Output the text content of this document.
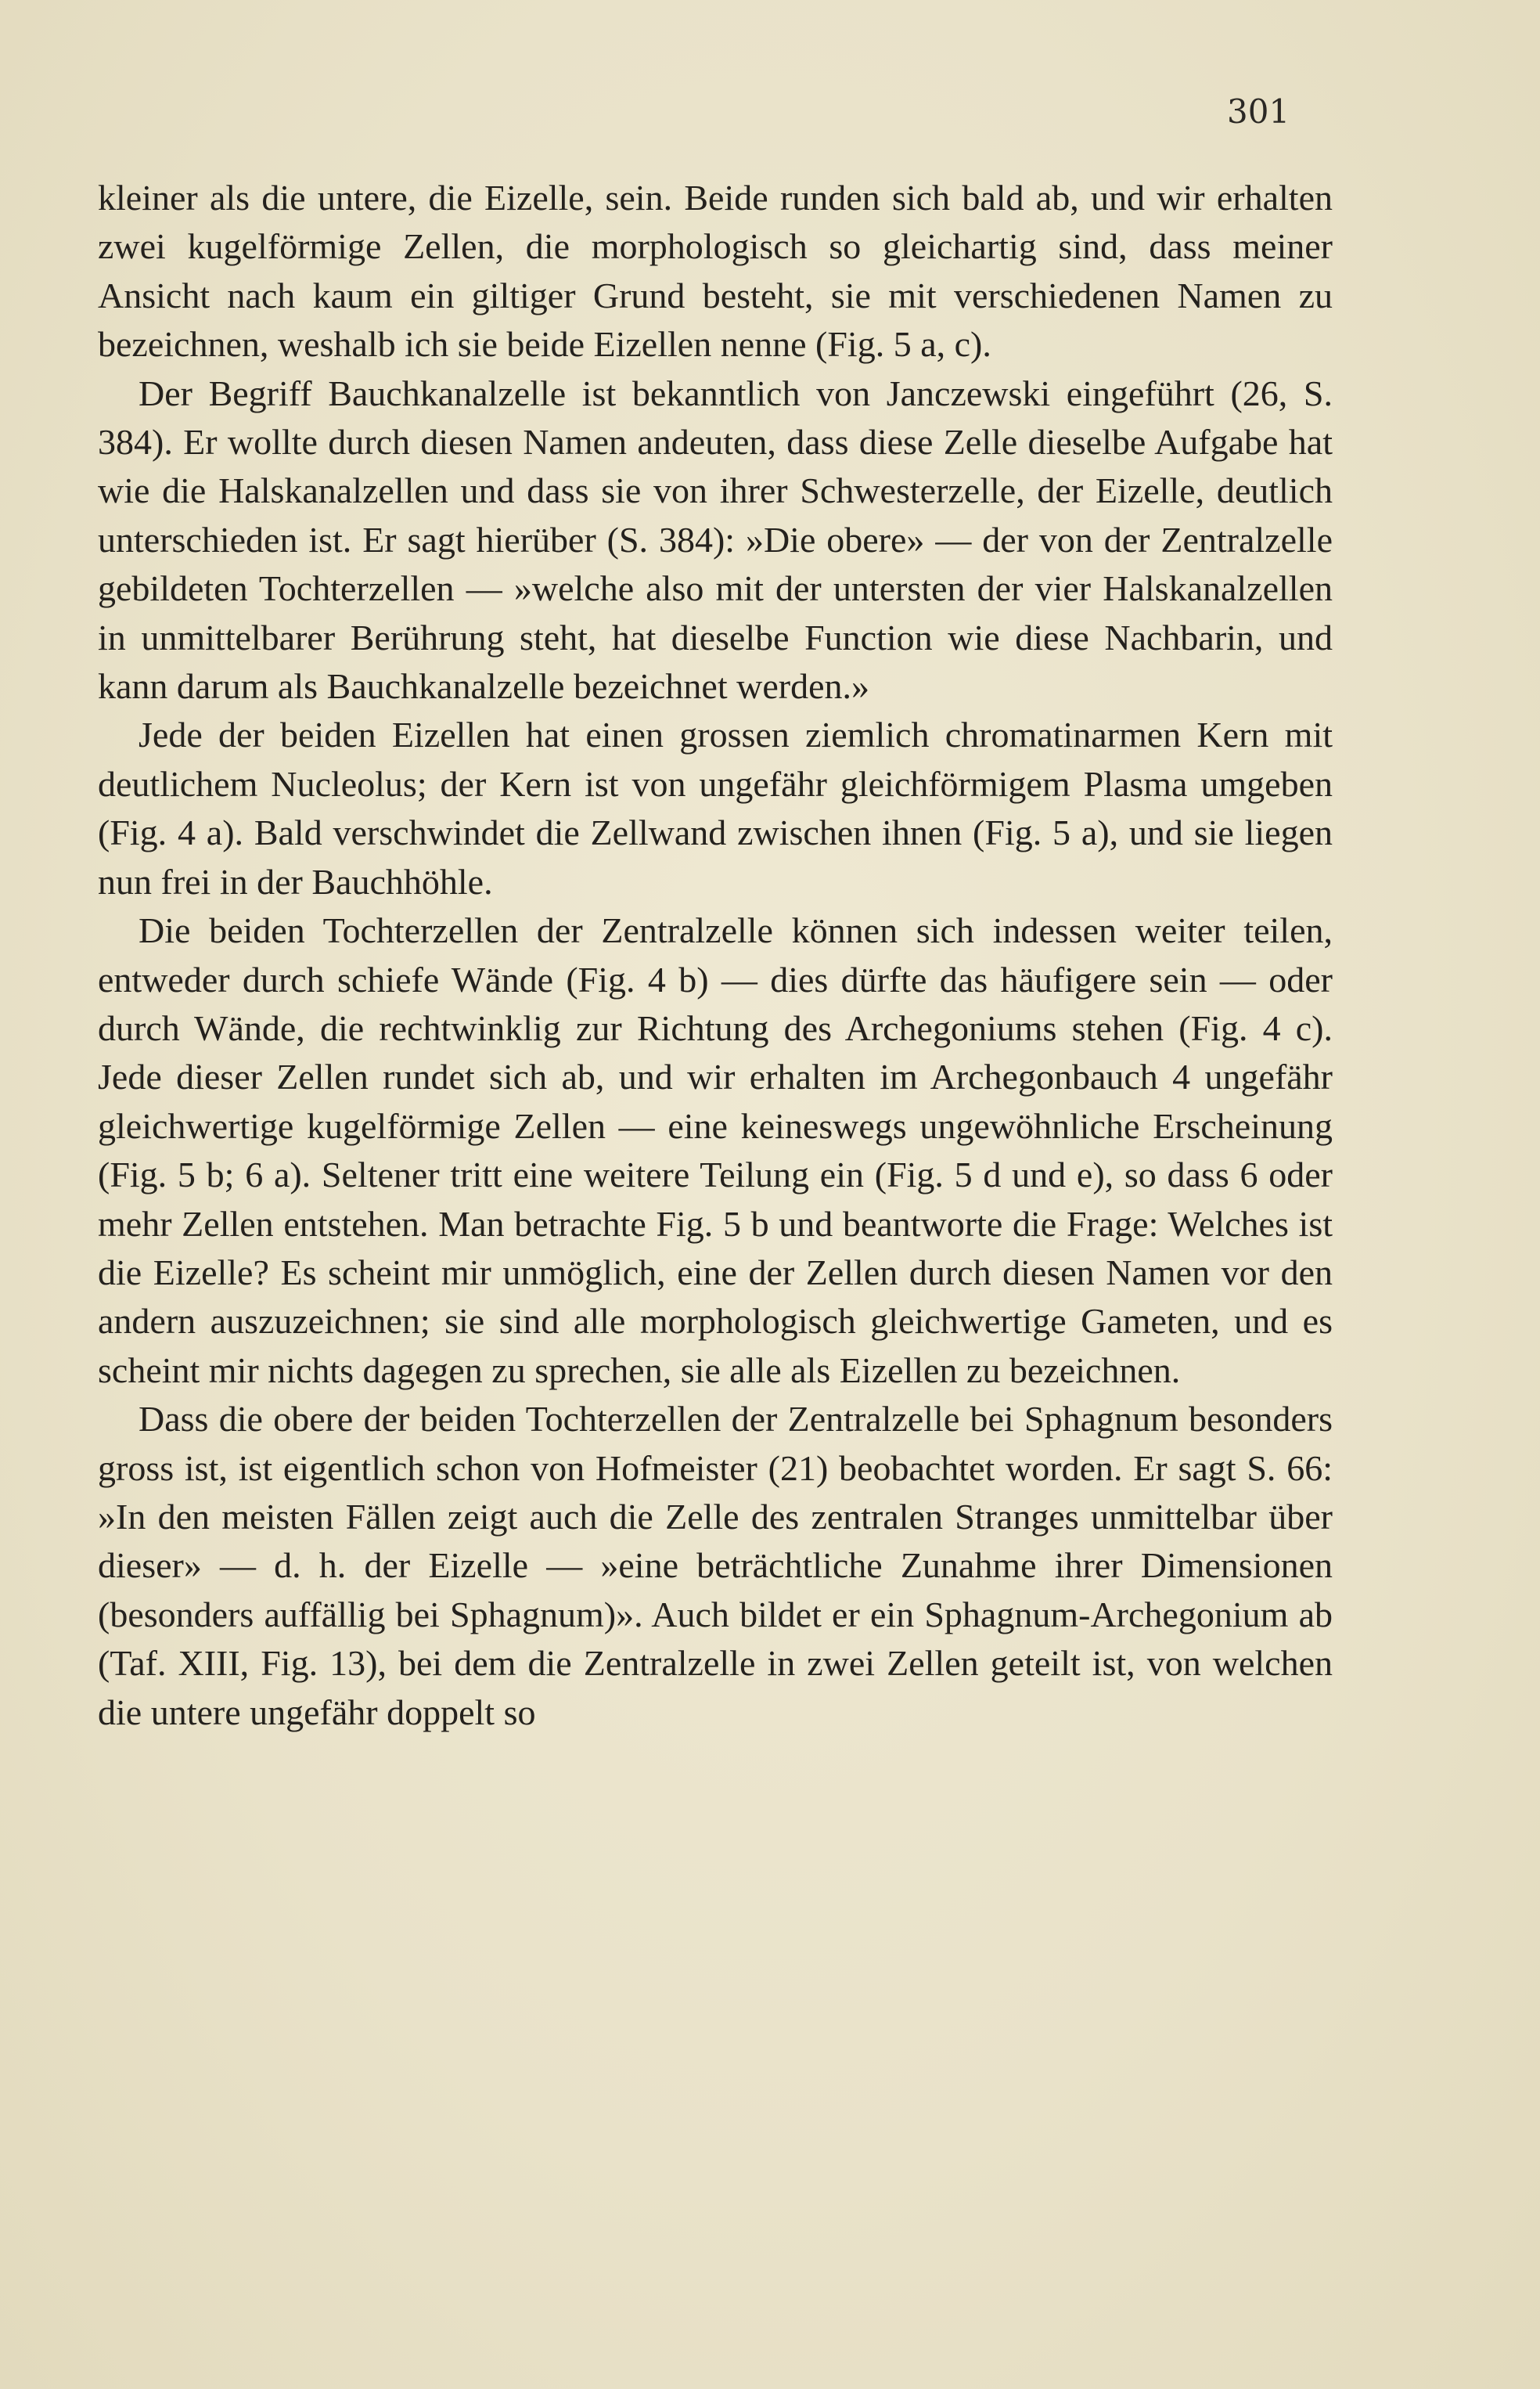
301

kleiner als die untere, die Eizelle, sein. Beide runden sich bald ab, und wir erhalten zwei kugelförmige Zellen, die morphologisch so gleichartig sind, dass meiner Ansicht nach kaum ein giltiger Grund besteht, sie mit verschiedenen Namen zu bezeichnen, weshalb ich sie beide Eizellen nenne (Fig. 5 a, c).

Der Begriff Bauchkanalzelle ist bekanntlich von Janczewski eingeführt (26, S. 384). Er wollte durch diesen Namen andeuten, dass diese Zelle dieselbe Aufgabe hat wie die Halskanalzellen und dass sie von ihrer Schwesterzelle, der Eizelle, deutlich unterschieden ist. Er sagt hierüber (S. 384): »Die obere» — der von der Zentralzelle gebildeten Tochterzellen — »welche also mit der untersten der vier Halskanalzellen in unmittelbarer Berührung steht, hat dieselbe Function wie diese Nachbarin, und kann darum als Bauchkanalzelle bezeichnet werden.»

Jede der beiden Eizellen hat einen grossen ziemlich chromatinarmen Kern mit deutlichem Nucleolus; der Kern ist von ungefähr gleichförmigem Plasma umgeben (Fig. 4 a). Bald verschwindet die Zellwand zwischen ihnen (Fig. 5 a), und sie liegen nun frei in der Bauchhöhle.

Die beiden Tochterzellen der Zentralzelle können sich indessen weiter teilen, entweder durch schiefe Wände (Fig. 4 b) — dies dürfte das häufigere sein — oder durch Wände, die rechtwinklig zur Richtung des Archegoniums stehen (Fig. 4 c). Jede dieser Zellen rundet sich ab, und wir erhalten im Archegonbauch 4 ungefähr gleichwertige kugelförmige Zellen — eine keineswegs ungewöhnliche Erscheinung (Fig. 5 b; 6 a). Seltener tritt eine weitere Teilung ein (Fig. 5 d und e), so dass 6 oder mehr Zellen entstehen. Man betrachte Fig. 5 b und beantworte die Frage: Welches ist die Eizelle? Es scheint mir unmöglich, eine der Zellen durch diesen Namen vor den andern auszuzeichnen; sie sind alle morphologisch gleichwertige Gameten, und es scheint mir nichts dagegen zu sprechen, sie alle als Eizellen zu bezeichnen.

Dass die obere der beiden Tochterzellen der Zentralzelle bei Sphagnum besonders gross ist, ist eigentlich schon von Hofmeister (21) beobachtet worden. Er sagt S. 66: »In den meisten Fällen zeigt auch die Zelle des zentralen Stranges unmittelbar über dieser» — d. h. der Eizelle — »eine beträchtliche Zunahme ihrer Dimensionen (besonders auffällig bei Sphagnum)». Auch bildet er ein Sphagnum-Archegonium ab (Taf. XIII, Fig. 13), bei dem die Zentralzelle in zwei Zellen geteilt ist, von welchen die untere ungefähr doppelt so
